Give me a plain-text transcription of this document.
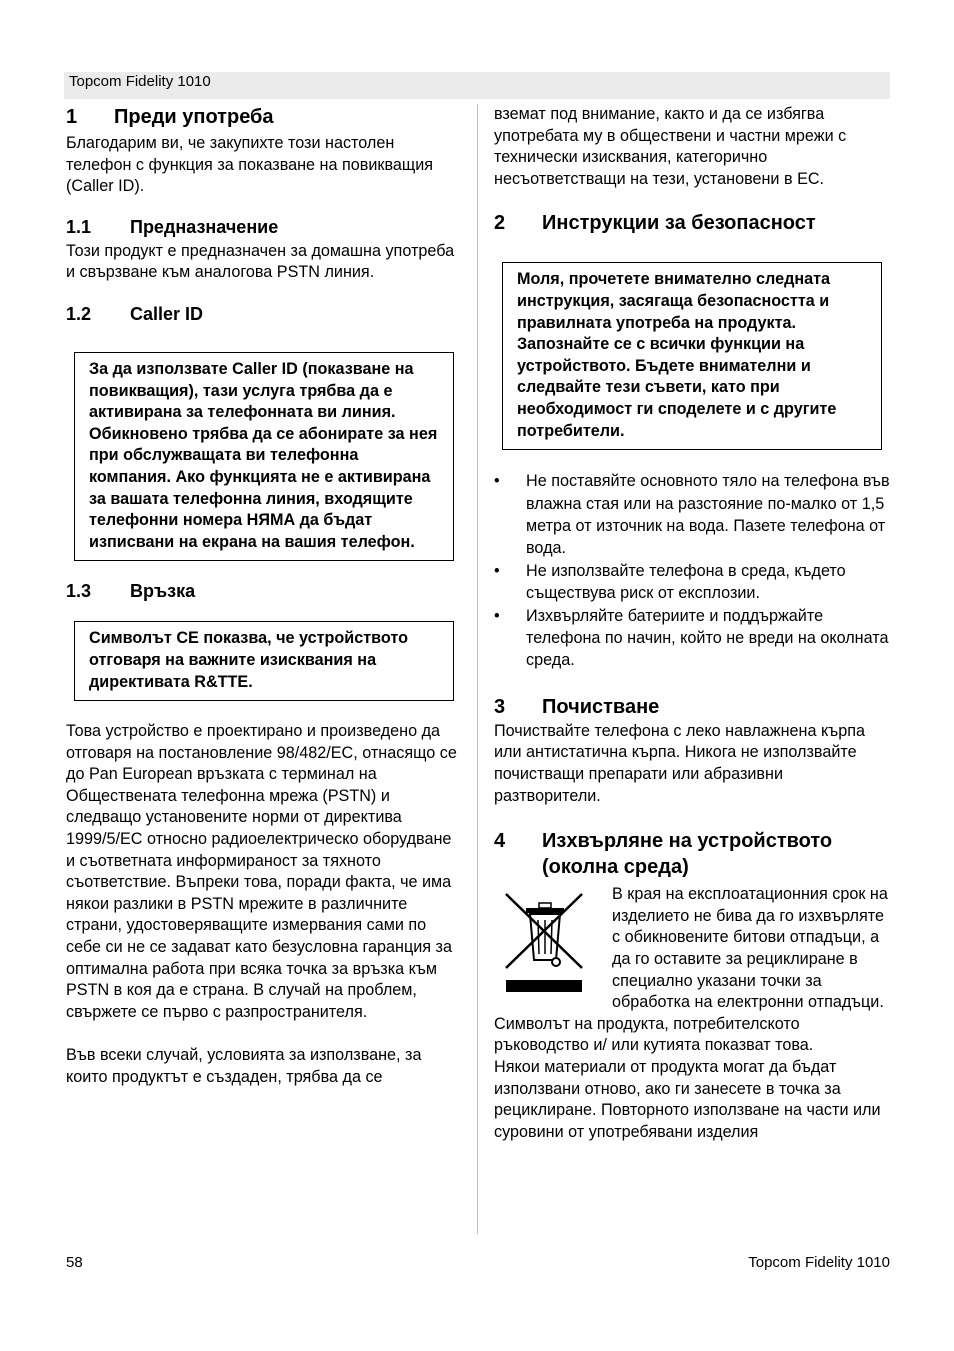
Topcom Fidelity 1010
1	Преди употреба

Благодарим ви, че закупихте този настолен телефон с функция за показване на повикващия (Caller ID).

1.1	Предназначение

Този продукт е предназначен за домашна употреба и свързване към аналогова PSTN линия.

1.2	Caller ID
За да използвате Caller ID (показване на повикващия), тази услуга трябва да е активирана за телефонната ви линия. Обикновено трябва да се абонирате за нея при обслужващата ви телефонна компания. Ако функцията не е активирана за вашата телефонна линия, входящите телефонни номера НЯМА да бъдат изписвани на екрана на вашия телефон.
1.3	Връзка
Символът CE показва, че устройството отговаря на важните изисквания на директивата R&TTE.

Това устройство е проектирано и произведено да отговаря на постановление 98/482/EC, отнасящо се до Pan European връзката с терминал на Обществената телефонна мрежа (PSTN) и следващо установените норми от директива 1999/5/EC относно радиоелектрическо оборудване и съответната информираност за тяхното съответствие. Въпреки това, поради факта, че има някои разлики в PSTN мрежите в различните страни, удостоверяващите измервания сами по себе си не се задават като безусловна гаранция за оптимална работа при всяка точка за връзка към PSTN в коя да е страна. В случай на проблем, свържете се първо с разпространителя.

Във всеки случай, условията за използване, за които продуктът е създаден, трябва да се

вземат под внимание, както и да се избягва употребата му в обществени и частни мрежи с технически изисквания, категорично несъответстващи на тези, установени в ЕС.

2	Инструкции за безопасност
Моля, прочетете внимателно следната инструкция, засягаща безопасността и правилната употреба на продукта. Запознайте се с всички функции на устройството. Бъдете внимателни и следвайте тези съвети, като при необходимост ги споделете и с другите потребители.
• Не поставяйте основното тяло на телефона във влажна стая или на разстояние по-малко от 1,5 метра от източник на вода. Пазете телефона от вода.
• Не използвайте телефона в среда, където съществува риск от експлозии.
• Изхвърляйте батериите и поддържайте телефона по начин, който не вреди на околната среда.
3	Почистване

Почиствайте телефона с леко навлажнена кърпа или антистатична кърпа. Никога не използвайте почистващи препарати или абразивни разтворители.

4	Изхвърляне на устройството
(околна среда)

В края на експлоатационния срок на изделието не бива да го изхвърляте с обикновените битови отпадъци, а да го оставите за рециклиране в специално указани точки за обработка на електронни отпадъци. Символът на продукта, потребителското ръководство и/ или кутията показват това.

Някои материали от продукта могат да бъдат използвани отново, ако ги занесете в точка за рециклиране. Повторното използване на части или суровини от употребявани изделия

58	Topcom Fidelity 1010
